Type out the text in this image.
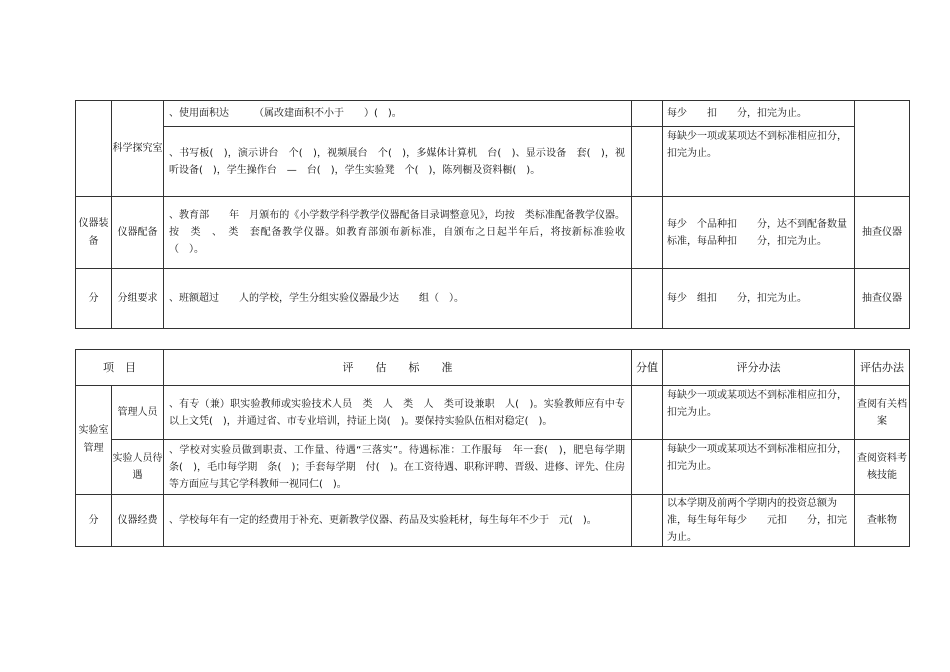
	科学探究室	、使用面积达　　　（属改建面积不小于　　）(　)。		每少　　扣　　分，扣完为止。	
		、书写板(　)，演示讲台　个(　)，视频展台　个(　)，多媒体计算机　台(　)、显示设备　套(　)，视听设备(　)，学生操作台　—　台(　)，学生实验凳　个(　)，陈列橱及资料橱(　)。		每缺少一项或某项达不到标准相应扣分，扣完为止。	
仪器装备	仪器配备	、教育部　　年　月颁布的《小学数学科学教学仪器配备目录调整意见》，均按　类标准配备教学仪器。按　类　、　类　套配备教学仪器。如教育部颁布新标准，自颁布之日起半年后，将按新标准验收（　）。		每少　个品种扣　　分，达不到配备数量标准，每品种扣　　分，扣完为止。	抽查仪器
分	分组要求	、班额超过　　人的学校，学生分组实验仪器最少达　　组（　）。		每少　组扣　　分，扣完为止。	抽查仪器
项　目		评　　估　　标　　准	分值	评分办法	评估办法
实验室管理	管理人员	、有专（兼）职实验教师或实验技术人员　类　人　类　人　类可设兼职　人(　)。实验教师应有中专以上文凭(　)，并通过省、市专业培训，持证上岗(　)。要保持实验队伍相对稳定(　)。		每缺少一项或某项达不到标准相应扣分，扣完为止。	查阅有关档案
	实验人员待遇	、学校对实验员做到职责、工作量、待遇“三落实”。待遇标准：工作服每　年一套(　)，肥皂每学期　条(　)，毛巾每学期　条(　)；手套每学期　付(　)。在工资待遇、职称评聘、晋级、进修、评先、住房等方面应与其它学科教师一视同仁(　)。		每缺少一项或某项达不到标准相应扣分，扣完为止。	查阅资料考核技能
分	仪器经费	、学校每年有一定的经费用于补充、更新教学仪器、药品及实验耗材，每生每年不少于　元(　)。		以本学期及前两个学期内的投资总额为准，每生每年每少　　元扣　　分，扣完为止。	查帐物
